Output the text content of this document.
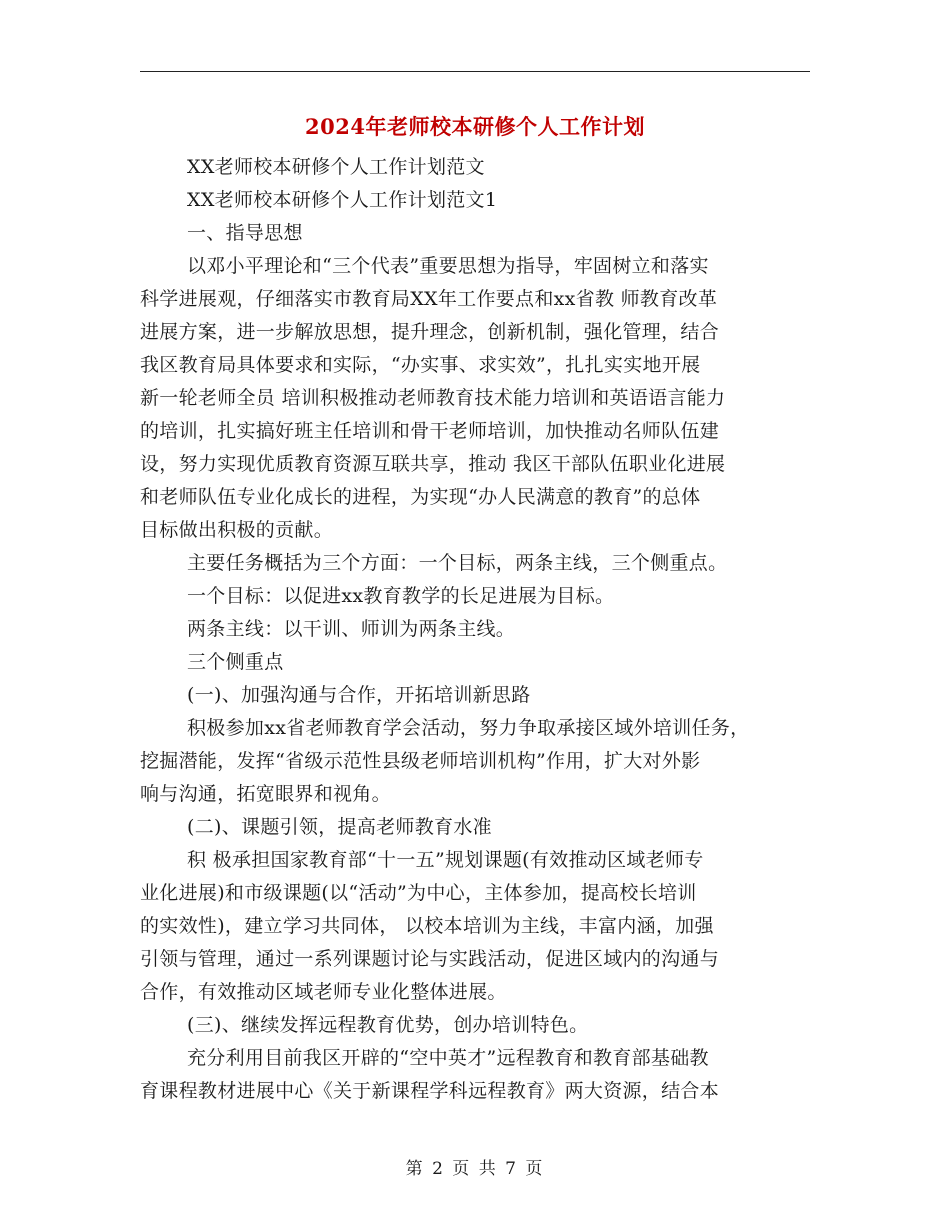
2024年老师校本研修个人工作计划
XX老师校本研修个人工作计划范文
XX老师校本研修个人工作计划范文1
一、指导思想
以邓小平理论和“三个代表”重要思想为指导，牢固树立和落实
科学进展观，仔细落实市教育局XX年工作要点和xx省教 师教育改革
进展方案，进一步解放思想，提升理念，创新机制，强化管理，结合
我区教育局具体要求和实际，“办实事、求实效”，扎扎实实地开展
新一轮老师全员 培训积极推动老师教育技术能力培训和英语语言能力
的培训，扎实搞好班主任培训和骨干老师培训，加快推动名师队伍建
设，努力实现优质教育资源互联共享，推动 我区干部队伍职业化进展
和老师队伍专业化成长的进程，为实现“办人民满意的教育”的总体
目标做出积极的贡献。
主要任务概括为三个方面：一个目标，两条主线，三个侧重点。
一个目标：以促进xx教育教学的长足进展为目标。
两条主线：以干训、师训为两条主线。
三个侧重点
(一)、加强沟通与合作，开拓培训新思路
积极参加xx省老师教育学会活动，努力争取承接区域外培训任务，
挖掘潜能，发挥“省级示范性县级老师培训机构”作用，扩大对外影
响与沟通，拓宽眼界和视角。
(二)、课题引领，提高老师教育水准
积 极承担国家教育部“十一五”规划课题(有效推动区域老师专
业化进展)和市级课题(以“活动”为中心，主体参加，提高校长培训
的实效性)，建立学习共同体， 以校本培训为主线，丰富内涵，加强
引领与管理，通过一系列课题讨论与实践活动，促进区域内的沟通与
合作，有效推动区域老师专业化整体进展。
(三)、继续发挥远程教育优势，创办培训特色。
充分利用目前我区开辟的“空中英才”远程教育和教育部基础教
育课程教材进展中心《关于新课程学科远程教育》两大资源，结合本
第 2 页 共 7 页
